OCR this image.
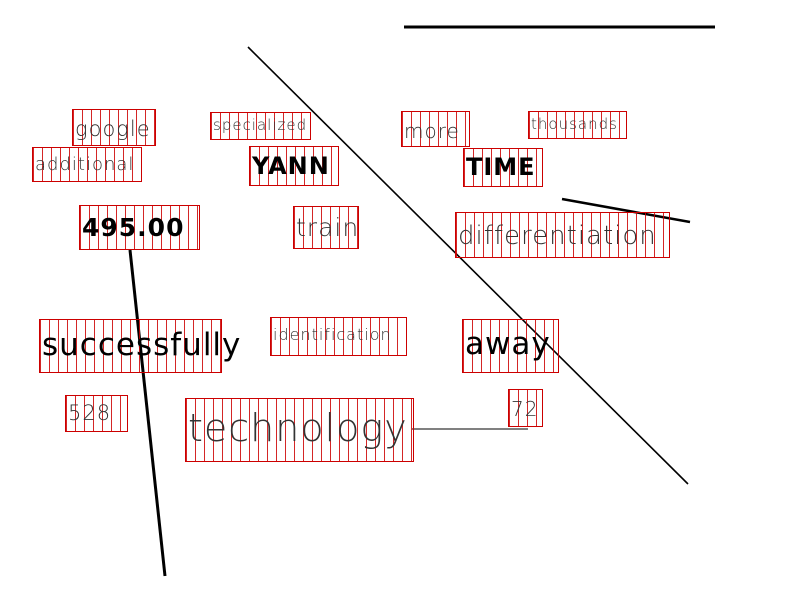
google	specialized	more	thousands
additional	YANN	TIME
495.00	train	differentiation
successfully identification	away
528	technology	72
